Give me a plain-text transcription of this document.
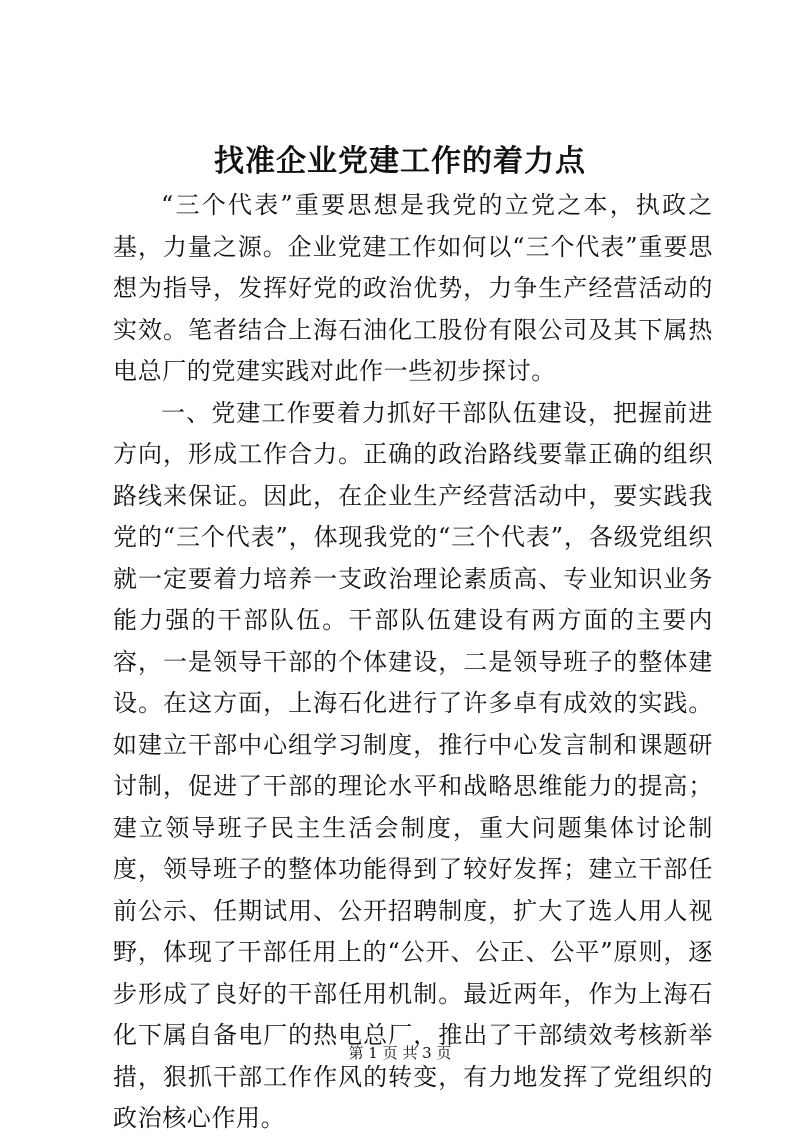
找准企业党建工作的着力点

“三个代表”重要思想是我党的立党之本，执政之基，力量之源。企业党建工作如何以“三个代表”重要思想为指导，发挥好党的政治优势，力争生产经营活动的实效。笔者结合上海石油化工股份有限公司及其下属热电总厂的党建实践对此作一些初步探讨。

一、党建工作要着力抓好干部队伍建设，把握前进方向，形成工作合力。正确的政治路线要靠正确的组织路线来保证。因此，在企业生产经营活动中，要实践我党的“三个代表”，体现我党的“三个代表”，各级党组织就一定要着力培养一支政治理论素质高、专业知识业务能力强的干部队伍。干部队伍建设有两方面的主要内容，一是领导干部的个体建设，二是领导班子的整体建设。在这方面，上海石化进行了许多卓有成效的实践。如建立干部中心组学习制度，推行中心发言制和课题研讨制，促进了干部的理论水平和战略思维能力的提高；建立领导班子民主生活会制度，重大问题集体讨论制度，领导班子的整体功能得到了较好发挥；建立干部任前公示、任期试用、公开招聘制度，扩大了选人用人视野，体现了干部任用上的“公开、公正、公平”原则，逐步形成了良好的干部任用机制。最近两年，作为上海石化下属自备电厂的热电总厂，推出了干部绩效考核新举措，狠抓干部工作作风的转变，有力地发挥了党组织的政治核心作用。

第 1 页 共 3 页
